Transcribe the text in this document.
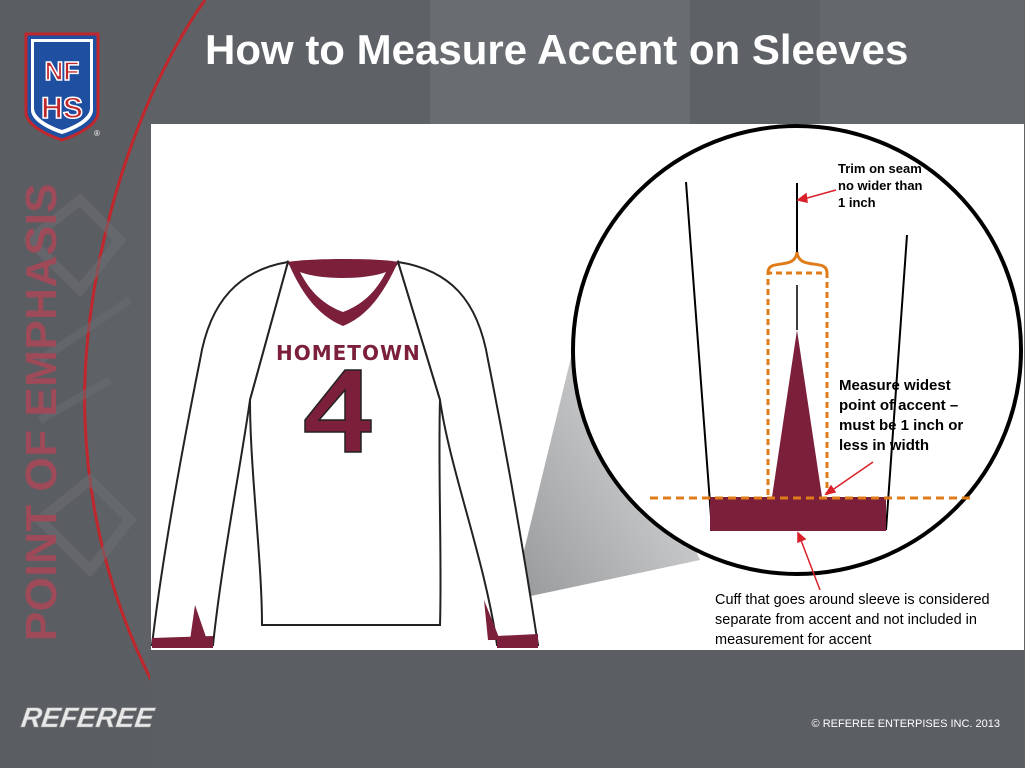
How to Measure Accent on Sleeves
NF
HS
®
POINT OF EMPHASIS	HOMETOWN
Trim on seam no wider than 1 inch
Measure widest point of accent – must be 1 inch or less in width
Cuff that goes around sleeve is considered separate from accent and not included in measurement for accent
REFEREE	© REFEREE ENTERPISES INC. 2013
